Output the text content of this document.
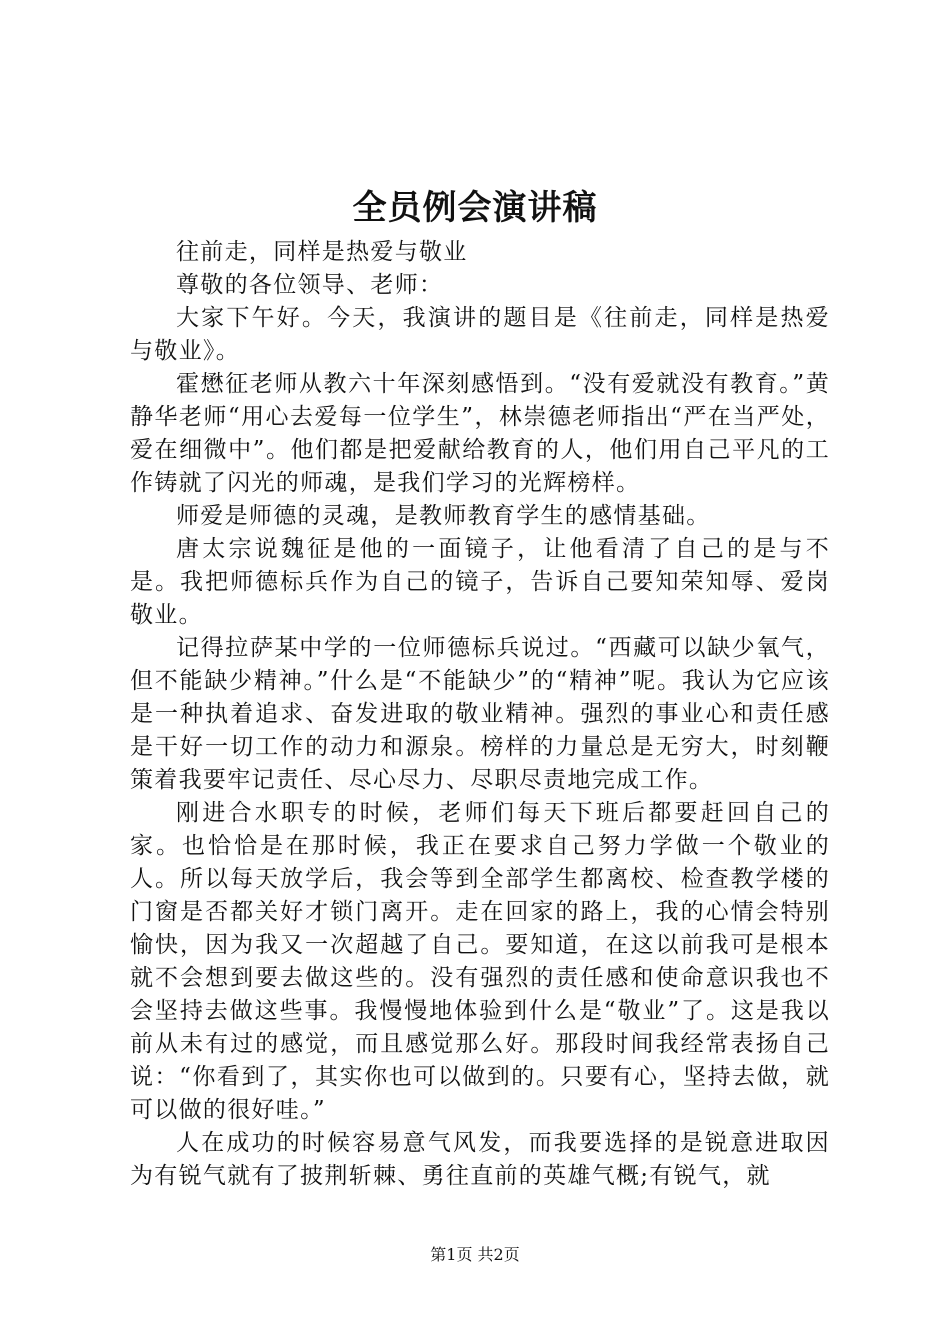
全员例会演讲稿

往前走，同样是热爱与敬业

尊敬的各位领导、老师：

大家下午好。今天，我演讲的题目是《往前走，同样是热爱与敬业》。

霍懋征老师从教六十年深刻感悟到。“没有爱就没有教育。”黄静华老师“用心去爱每一位学生”，林崇德老师指出“严在当严处，爱在细微中”。他们都是把爱献给教育的人，他们用自己平凡的工作铸就了闪光的师魂，是我们学习的光辉榜样。

师爱是师德的灵魂，是教师教育学生的感情基础。

唐太宗说魏征是他的一面镜子，让他看清了自己的是与不是。我把师德标兵作为自己的镜子，告诉自己要知荣知辱、爱岗敬业。

记得拉萨某中学的一位师德标兵说过。“西藏可以缺少氧气，但不能缺少精神。”什么是“不能缺少”的“精神”呢。我认为它应该是一种执着追求、奋发进取的敬业精神。强烈的事业心和责任感是干好一切工作的动力和源泉。榜样的力量总是无穷大，时刻鞭策着我要牢记责任、尽心尽力、尽职尽责地完成工作。

刚进合水职专的时候，老师们每天下班后都要赶回自己的家。也恰恰是在那时候，我正在要求自己努力学做一个敬业的人。所以每天放学后，我会等到全部学生都离校、检查教学楼的门窗是否都关好才锁门离开。走在回家的路上，我的心情会特别愉快，因为我又一次超越了自己。要知道，在这以前我可是根本就不会想到要去做这些的。没有强烈的责任感和使命意识我也不会坚持去做这些事。我慢慢地体验到什么是“敬业”了。这是我以前从未有过的感觉，而且感觉那么好。那段时间我经常表扬自己说：“你看到了，其实你也可以做到的。只要有心，坚持去做，就可以做的很好哇。”

人在成功的时候容易意气风发，而我要选择的是锐意进取因为有锐气就有了披荆斩棘、勇往直前的英雄气概;有锐气，就

第1页 共2页
